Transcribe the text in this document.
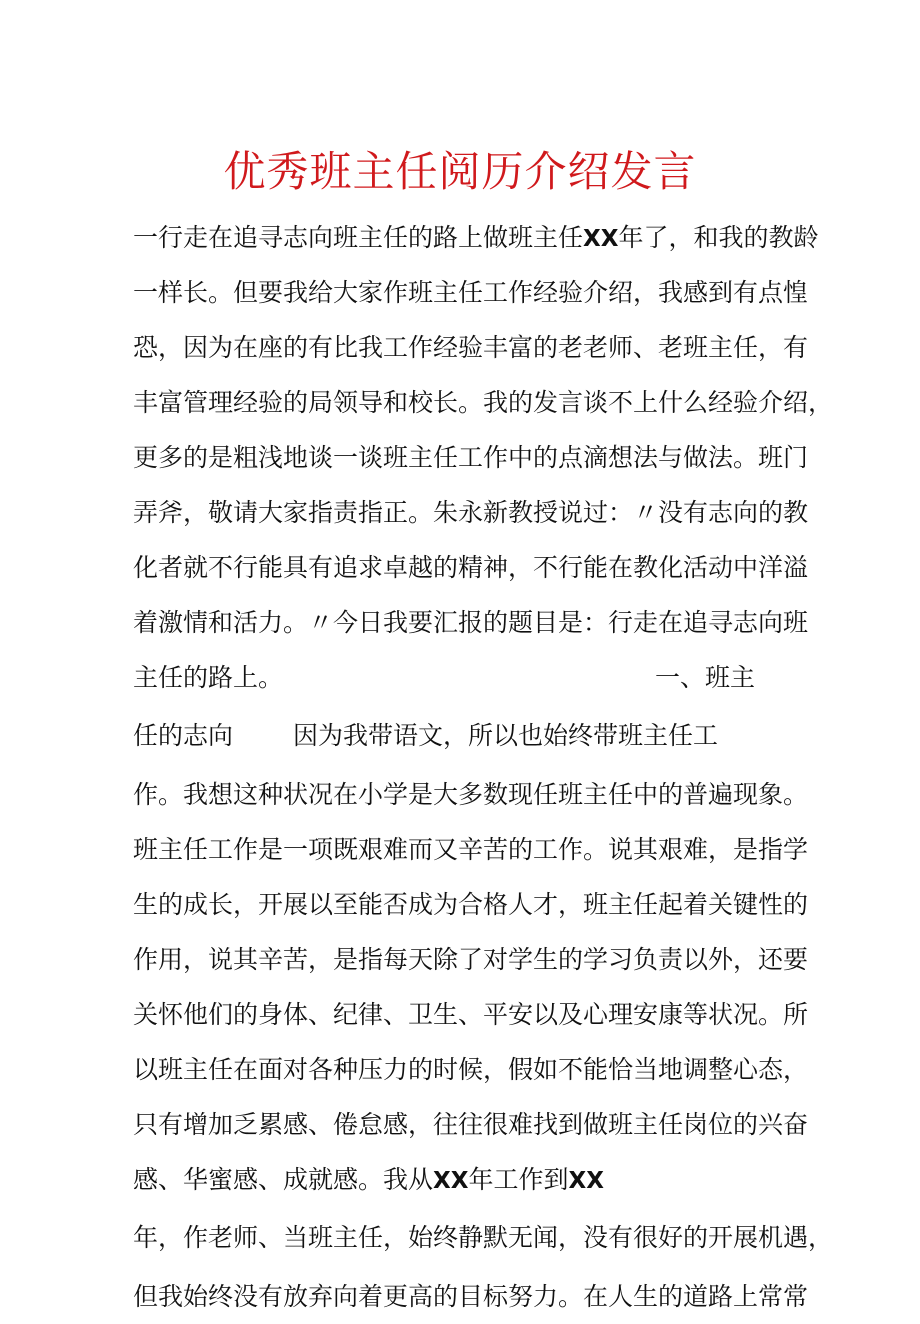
优秀班主任阅历介绍发言
一行走在追寻志向班主任的路上做班主任XX年了，和我的教龄
一样长。但要我给大家作班主任工作经验介绍，我感到有点惶
恐，因为在座的有比我工作经验丰富的老老师、老班主任，有
丰富管理经验的局领导和校长。我的发言谈不上什么经验介绍，
更多的是粗浅地谈一谈班主任工作中的点滴想法与做法。班门
弄斧，敬请大家指责指正。朱永新教授说过：〃没有志向的教
化者就不行能具有追求卓越的精神，不行能在教化活动中洋溢
着激情和活力。〃今日我要汇报的题目是：行走在追寻志向班
主任的路上。	一、班主
任的志向 因为我带语文，所以也始终带班主任工
作。我想这种状况在小学是大多数现任班主任中的普遍现象。
班主任工作是一项既艰难而又辛苦的工作。说其艰难，是指学
生的成长，开展以至能否成为合格人才，班主任起着关键性的
作用，说其辛苦，是指每天除了对学生的学习负责以外，还要
关怀他们的身体、纪律、卫生、平安以及心理安康等状况。所
以班主任在面对各种压力的时候，假如不能恰当地调整心态，
只有增加乏累感、倦怠感，往往很难找到做班主任岗位的兴奋
感、华蜜感、成就感。我从XX年工作到XX
年，作老师、当班主任，始终静默无闻，没有很好的开展机遇，
但我始终没有放弃向着更高的目标努力。在人生的道路上常常
